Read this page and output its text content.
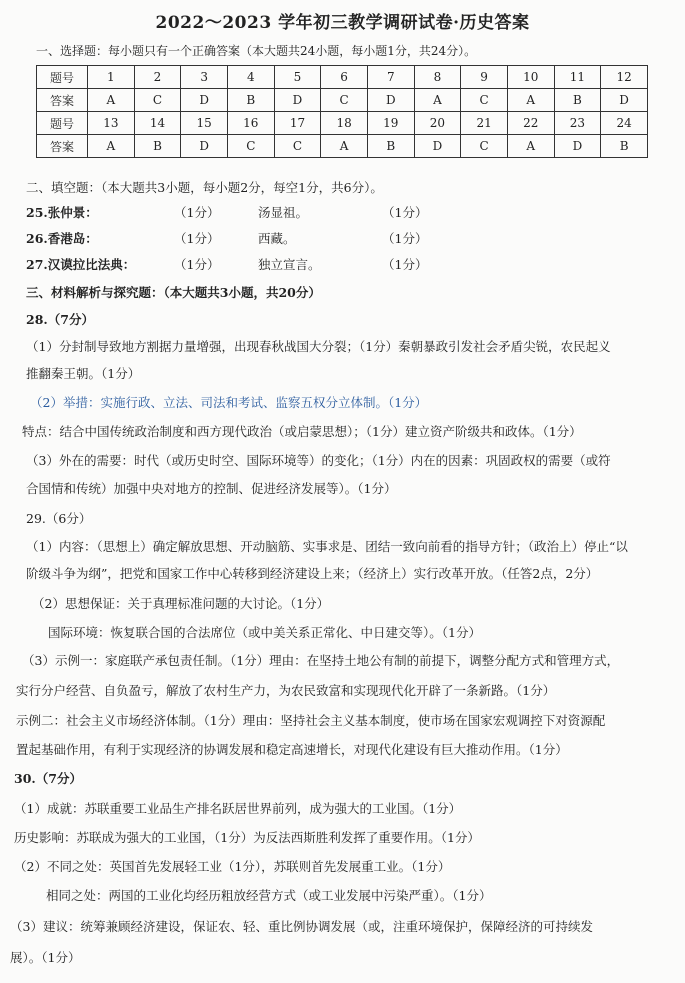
2022～2023 学年初三教学调研试卷·历史答案
一、选择题：每小题只有一个正确答案（本大题共24小题，每小题1分，共24分）。
题号	1	2	3	4	5	6	7	8	9	10	11	12
答案	A	C	D	B	D	C	D	A	C	A	B	D
题号	13	14	15	16	17	18	19	20	21	22	23	24
答案	A	B	D	C	C	A	B	D	C	A	D	B
二、填空题：（本大题共3小题，每小题2分，每空1分，共6分）。
25.张仲景：	（1分）	汤显祖。	（1分）
26.香港岛：	（1分）	西藏。	（1分）
27.汉谟拉比法典：	（1分）	独立宣言。	（1分）
三、材料解析与探究题：（本大题共3小题，共20分）
28.（7分）
（1）分封制导致地方割据力量增强，出现春秋战国大分裂；（1分）秦朝暴政引发社会矛盾尖锐，农民起义
推翻秦王朝。（1分）
（2）举措：实施行政、立法、司法和考试、监察五权分立体制。（1分）
特点：结合中国传统政治制度和西方现代政治（或启蒙思想）；（1分）建立资产阶级共和政体。（1分）
（3）外在的需要：时代（或历史时空、国际环境等）的变化；（1分）内在的因素：巩固政权的需要（或符
合国情和传统）加强中央对地方的控制、促进经济发展等）。（1分）
29.（6分）
（1）内容：（思想上）确定解放思想、开动脑筋、实事求是、团结一致向前看的指导方针；（政治上）停止“以
阶级斗争为纲”，把党和国家工作中心转移到经济建设上来；（经济上）实行改革开放。（任答2点，2分）
（2）思想保证：关于真理标准问题的大讨论。（1分）
国际环境：恢复联合国的合法席位（或中美关系正常化、中日建交等）。（1分）
（3）示例一：家庭联产承包责任制。（1分）理由：在坚持土地公有制的前提下，调整分配方式和管理方式，
实行分户经营、自负盈亏，解放了农村生产力，为农民致富和实现现代化开辟了一条新路。（1分）
示例二：社会主义市场经济体制。（1分）理由：坚持社会主义基本制度，使市场在国家宏观调控下对资源配
置起基础作用，有利于实现经济的协调发展和稳定高速增长，对现代化建设有巨大推动作用。（1分）
30.（7分）
（1）成就：苏联重要工业品生产排名跃居世界前列，成为强大的工业国。（1分）
历史影响：苏联成为强大的工业国，（1分）为反法西斯胜利发挥了重要作用。（1分）
（2）不同之处：英国首先发展轻工业（1分），苏联则首先发展重工业。（1分）
相同之处：两国的工业化均经历粗放经营方式（或工业发展中污染严重）。（1分）
（3）建议：统筹兼顾经济建设，保证农、轻、重比例协调发展（或，注重环境保护，保障经济的可持续发
展）。（1分）
